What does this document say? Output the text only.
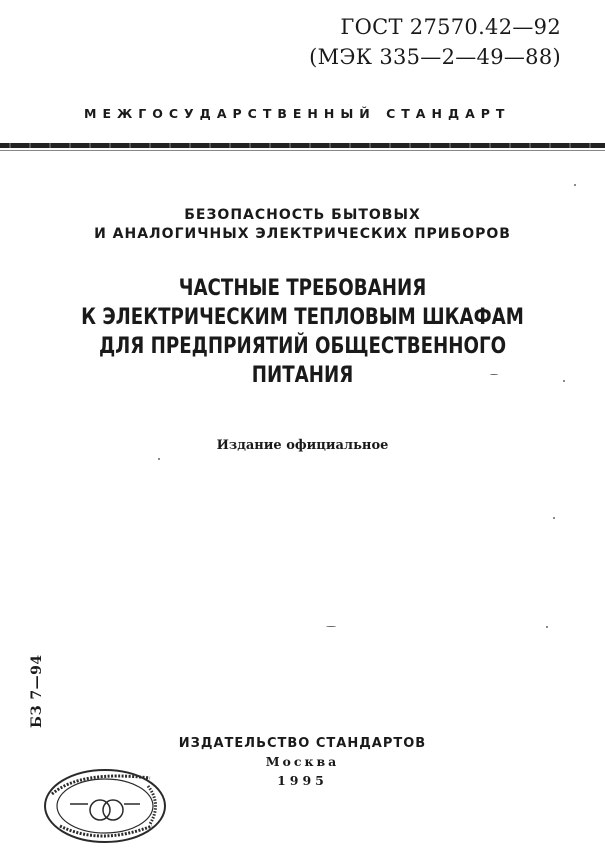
ГОСТ 27570.42—92
(МЭК 335—2—49—88)
МЕЖГОСУДАРСТВЕННЫЙ СТАНДАРТ
БЕЗОПАСНОСТЬ БЫТОВЫХ
И АНАЛОГИЧНЫХ ЭЛЕКТРИЧЕСКИХ ПРИБОРОВ
ЧАСТНЫЕ ТРЕБОВАНИЯ
К ЭЛЕКТРИЧЕСКИМ ТЕПЛОВЫМ ШКАФАМ
ДЛЯ ПРЕДПРИЯТИЙ ОБЩЕСТВЕННОГО
ПИТАНИЯ
Издание официальное
БЗ 7—94
ИЗДАТЕЛЬСТВО СТАНДАРТОВ
Москва
1995
